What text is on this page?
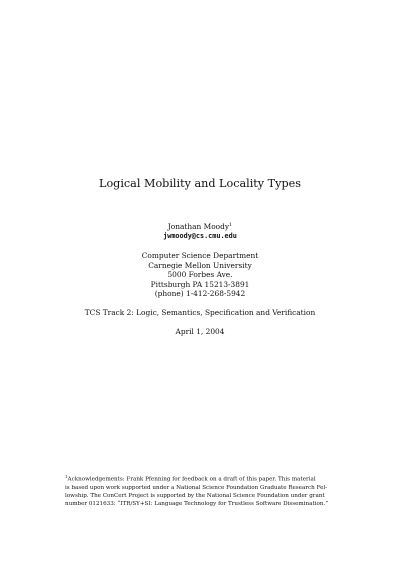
Logical Mobility and Locality Types
Jonathan Moody$^1$
jwmoody@cs.cmu.edu
Computer Science Department
Carnegie Mellon University
5000 Forbes Ave.
Pittsburgh PA 15213-3891
(phone) 1-412-268-5942
TCS Track 2: Logic, Semantics, Specification and Verification
April 1, 2004
$^1$Acknowledgements: Frank Pfenning for feedback on a draft of this paper. This material
is based upon work supported under a National Science Foundation Graduate Research Fel-
lowship. The ConCert Project is supported by the National Science Foundation under grant
number 0121633: “ITR/SY+SI: Language Technology for Trustless Software Dissemination.”
